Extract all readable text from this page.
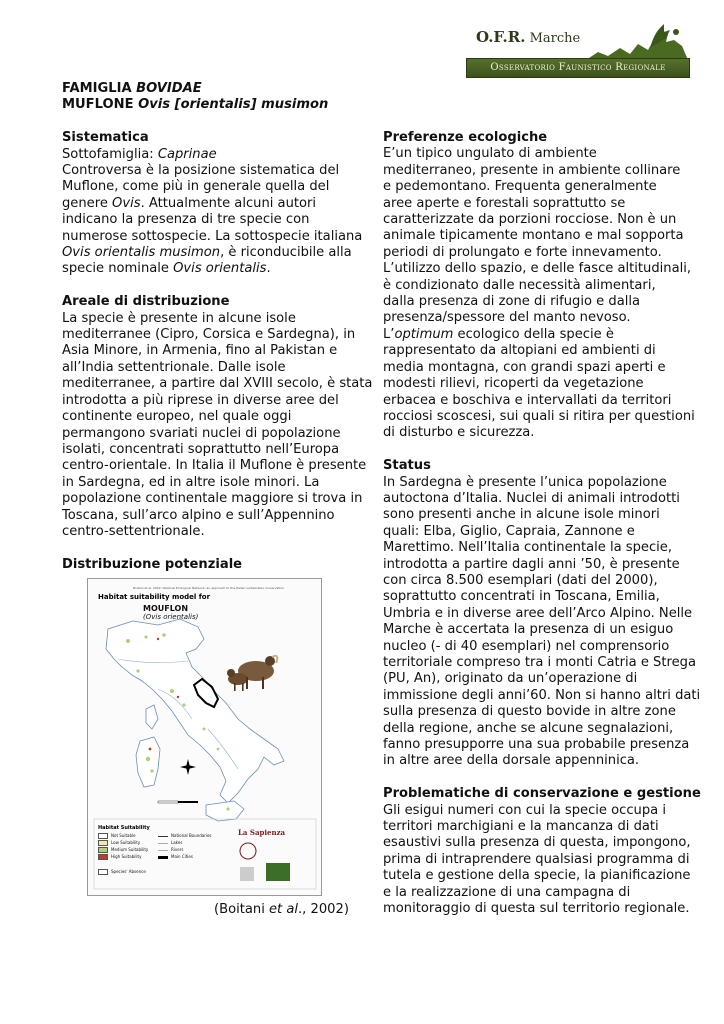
O.F.R. Marche
Osservatorio Faunistico Regionale
FAMIGLIA BOVIDAE
MUFLONE Ovis [orientalis] musimon
Sistematica
Sottofamiglia: Caprinae
Controversa è la posizione sistematica del
Muflone, come più in generale quella del
genere Ovis. Attualmente alcuni autori
indicano la presenza di tre specie con
numerose sottospecie. La sottospecie italiana
Ovis orientalis musimon, è riconducibile alla
specie nominale Ovis orientalis.
Areale di distribuzione
La specie è presente in alcune isole
mediterranee (Cipro, Corsica e Sardegna), in
Asia Minore, in Armenia, fino al Pakistan e
all’India settentrionale. Dalle isole
mediterranee, a partire dal XVIII secolo, è stata
introdotta a più riprese in diverse aree del
continente europeo, nel quale oggi
permangono svariati nuclei di popolazione
isolati, concentrati soprattutto nell’Europa
centro-orientale. In Italia il Muflone è presente
in Sardegna, ed in altre isole minori. La
popolazione continentale maggiore si trova in
Toscana, sull’arco alpino e sull’Appennino
centro-settentrionale.
Distribuzione potenziale
Boitani et al. 2002. National Ecological Network: an approach to the Italian vertebrates conservation
Habitat suitability model for
MOUFLON
(Ovis orientalis)
Habitat Suitability
Not Suitable
Low Suitability
Medium Suitability
High Suitability
Species' Absence
National Boundaries
Lakes
Rivers
Main Cities
La Sapienza
(Boitani et al., 2002)
Preferenze ecologiche
E’un tipico ungulato di ambiente
mediterraneo, presente in ambiente collinare
e pedemontano. Frequenta generalmente
aree aperte e forestali soprattutto se
caratterizzate da porzioni rocciose. Non è un
animale tipicamente montano e mal sopporta
periodi di prolungato e forte innevamento.
L’utilizzo dello spazio, e delle fasce altitudinali,
è condizionato dalle necessità alimentari,
dalla presenza di zone di rifugio e dalla
presenza/spessore del manto nevoso.
L’optimum ecologico della specie è
rappresentato da altopiani ed ambienti di
media montagna, con grandi spazi aperti e
modesti rilievi, ricoperti da vegetazione
erbacea e boschiva e intervallati da territori
rocciosi scoscesi, sui quali si ritira per questioni
di disturbo e sicurezza.
Status
In Sardegna è presente l’unica popolazione
autoctona d’Italia. Nuclei di animali introdotti
sono presenti anche in alcune isole minori
quali: Elba, Giglio, Capraia, Zannone e
Marettimo. Nell’Italia continentale la specie,
introdotta a partire dagli anni ’50, è presente
con circa 8.500 esemplari (dati del 2000),
soprattutto concentrati in Toscana, Emilia,
Umbria e in diverse aree dell’Arco Alpino. Nelle
Marche è accertata la presenza di un esiguo
nucleo (- di 40 esemplari) nel comprensorio
territoriale compreso tra i monti Catria e Strega
(PU, An), originato da un’operazione di
immissione degli anni’60. Non si hanno altri dati
sulla presenza di questo bovide in altre zone
della regione, anche se alcune segnalazioni,
fanno presupporre una sua probabile presenza
in altre aree della dorsale appenninica.
Problematiche di conservazione e gestione
Gli esigui numeri con cui la specie occupa i
territori marchigiani e la mancanza di dati
esaustivi sulla presenza di questa, impongono,
prima di intraprendere qualsiasi programma di
tutela e gestione della specie, la pianificazione
e la realizzazione di una campagna di
monitoraggio di questa sul territorio regionale.
